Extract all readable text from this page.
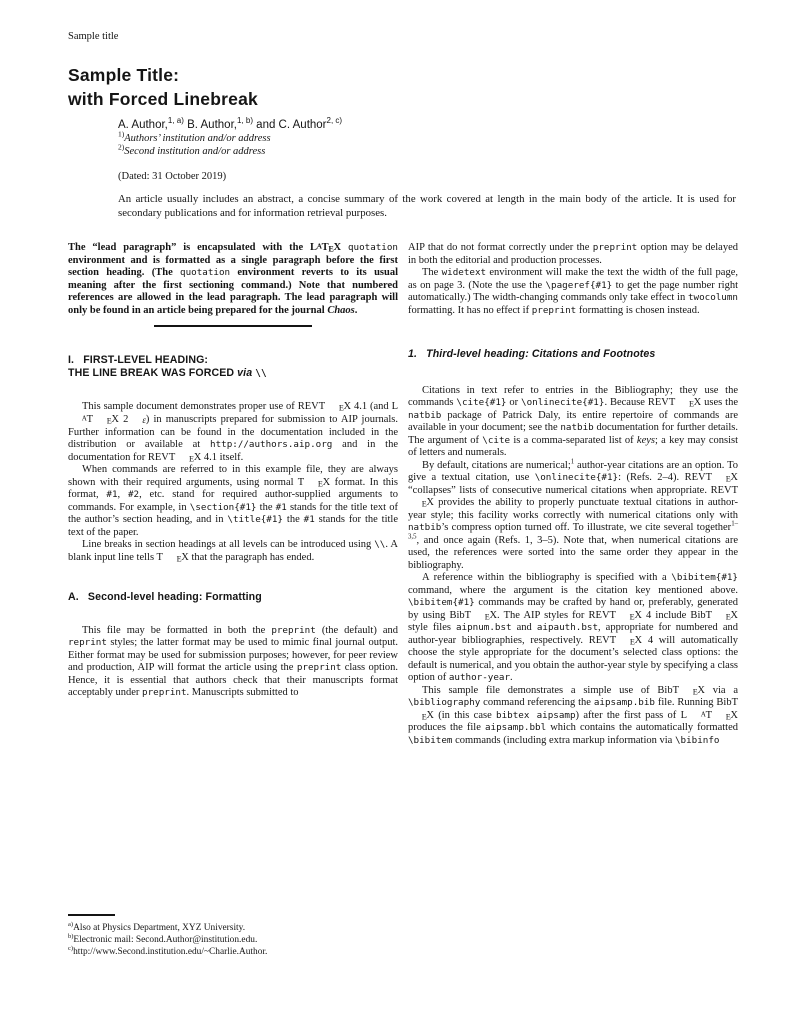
Sample title
Sample Title:
with Forced Linebreak
A. Author,$^{1, a)}$ B. Author,$^{1, b)}$ and C. Author$^{2, c)}$
$^{1)}$Authors’ institution and/or address
$^{2)}$Second institution and/or address
(Dated: 31 October 2019)
An article usually includes an abstract, a concise summary of the work covered at length in the main body of the article. It is used for secondary publications and for information retrieval purposes.

The “lead paragraph” is encapsulated with the LATEX quotation environment and is formatted as a single paragraph before the first section heading. (The quotation environment reverts to its usual meaning after the first sectioning command.) Note that numbered references are allowed in the lead paragraph. The lead paragraph will only be found in an article being prepared for the journal Chaos.

I.   FIRST-LEVEL HEADING:
THE LINE BREAK WAS FORCED via \\

This sample document demonstrates proper use of REVT EX 4.1 (and LAT EX 2 ε) in manuscripts prepared for submission to AIP journals. Further information can be found in the documentation included in the distribution or available at http://authors.aip.org and in the documentation for REVT EX 4.1 itself.

When commands are referred to in this example file, they are always shown with their required arguments, using normal T EX format. In this format, #1, #2, etc. stand for required author-supplied arguments to commands. For example, in \section{#1} the #1 stands for the title text of the author’s section heading, and in \title{#1} the #1 stands for the title text of the paper.

Line breaks in section headings at all levels can be introduced using \\. A blank input line tells T EX that the paragraph has ended.

A.   Second-level heading: Formatting

This file may be formatted in both the preprint (the default) and reprint styles; the latter format may be used to mimic final journal output. Either format may be used for submission purposes; however, for peer review and production, AIP will format the article using the preprint class option. Hence, it is essential that authors check that their manuscripts format acceptably under preprint. Manuscripts submitted to

$^{a)}$Also at Physics Department, XYZ University.
$^{b)}$Electronic mail: Second.Author@institution.edu.
$^{c)}$http://www.Second.institution.edu/~Charlie.Author.

AIP that do not format correctly under the preprint option may be delayed in both the editorial and production processes.

The widetext environment will make the text the width of the full page, as on page 3. (Note the use the \pageref{#1} to get the page number right automatically.) The width-changing commands only take effect in twocolumn formatting. It has no effect if preprint formatting is chosen instead.

1.   Third-level heading: Citations and Footnotes

Citations in text refer to entries in the Bibliography; they use the commands \cite{#1} or \onlinecite{#1}. Because REVT EX uses the natbib package of Patrick Daly, its entire repertoire of commands are available in your document; see the natbib documentation for further details. The argument of \cite is a comma-separated list of keys; a key may consist of letters and numerals.

By default, citations are numerical;$^1$ author-year citations are an option. To give a textual citation, use \onlinecite{#1}: (Refs. 2–4). REVT EX “collapses” lists of consecutive numerical citations when appropriate. REVTEX provides the ability to properly punctuate textual citations in author-year style; this facility works correctly with numerical citations only with natbib’s compress option turned off. To illustrate, we cite several together$^{1-3,5}$, and once again (Refs. 1, 3–5). Note that, when numerical citations are used, the references were sorted into the same order they appear in the bibliography.

A reference within the bibliography is specified with a \bibitem{#1} command, where the argument is the citation key mentioned above. \bibitem{#1} commands may be crafted by hand or, preferably, generated by using BibT EX. The AIP styles for REVT EX 4 include BibT EX style files aipnum.bst and aipauth.bst, appropriate for numbered and author-year bibliographies, respectively. REVT EX 4 will automatically choose the style appropriate for the document’s selected class options: the default is numerical, and you obtain the author-year style by specifying a class option of author-year.

This sample file demonstrates a simple use of BibT EX via a \bibliography command referencing the aipsamp.bib file. Running BibTEX (in this case bibtex aipsamp) after the first pass of L AT EX produces the file aipsamp.bbl which contains the automatically formatted \bibitem commands (including extra markup information via \bibinfo
